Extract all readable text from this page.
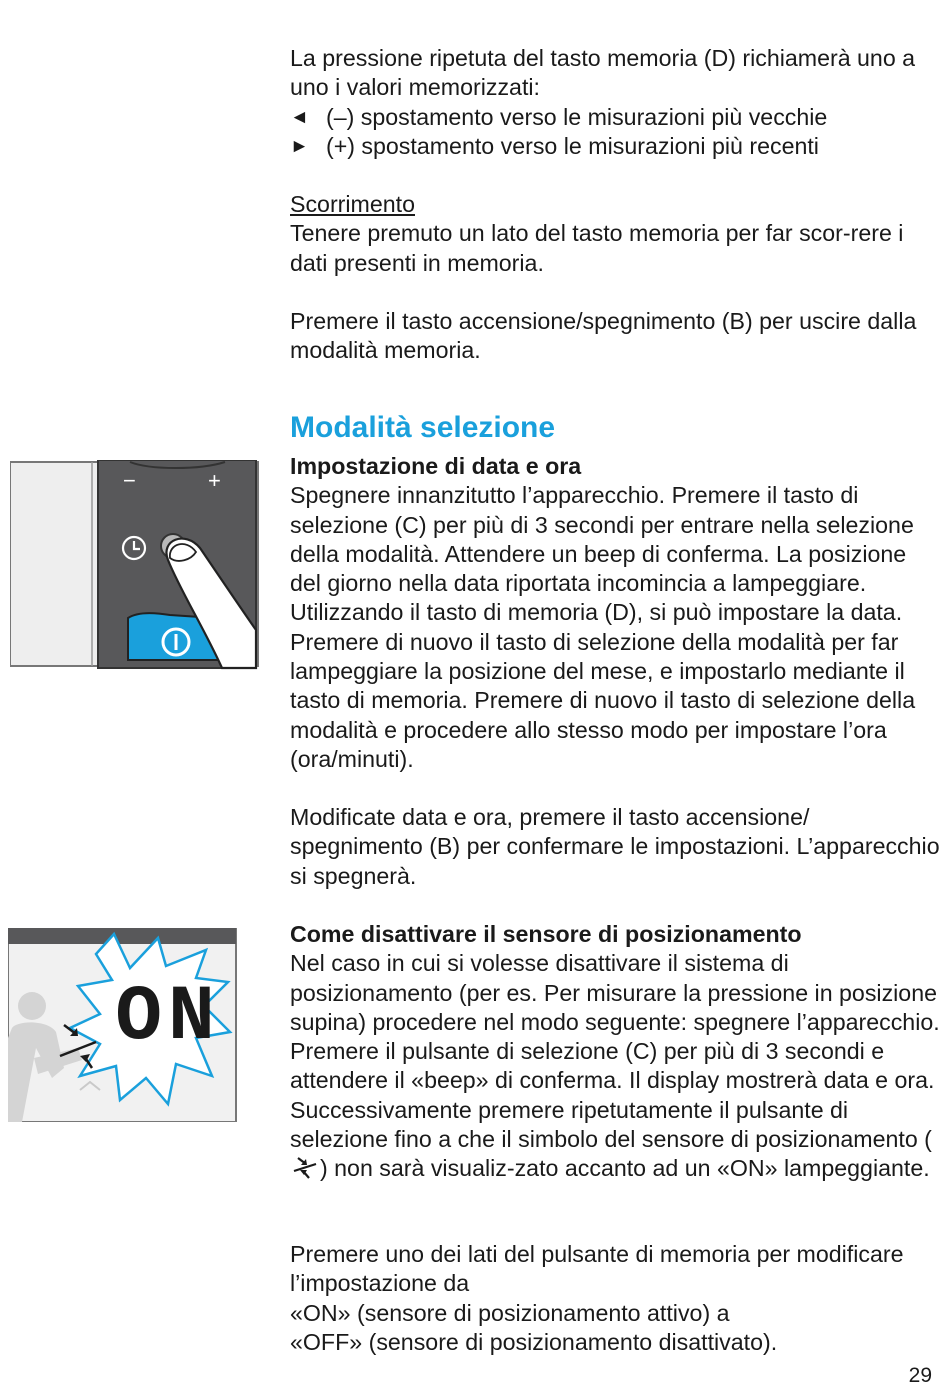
La pressione ripetuta del tasto memoria (D) richiamerà uno a uno i valori memorizzati:

◄ (–) spostamento verso le misurazioni più vecchie
► (+) spostamento verso le misurazioni più recenti

Scorrimento

Tenere premuto un lato del tasto memoria per far scor-rere i dati presenti in memoria.

Premere il tasto accensione/spegnimento (B) per uscire dalla modalità memoria.

Modalità selezione

Impostazione di data e ora

Spegnere innanzitutto l’apparecchio. Premere il tasto di selezione (C) per più di 3 secondi per entrare nella selezione della modalità. Attendere un beep di conferma. La posizione del giorno nella data riportata incomincia a lampeggiare. Utilizzando il tasto di memoria (D), si può impostare la data. Premere di nuovo il tasto di selezione della modalità per far lampeggiare la posizione del mese, e impostarlo mediante il tasto di memoria. Premere di nuovo il tasto di selezione della modalità e procedere allo stesso modo per impostare l’ora (ora/minuti).

Modificate data e ora, premere il tasto accensione/ spegnimento (B) per confermare le impostazioni. L’apparecchio si spegnerà.

Come disattivare il sensore di posizionamento

Nel caso in cui si volesse disattivare il sistema di posizionamento (per es. Per misurare la pressione in posizione supina) procedere nel modo seguente: spegnere l’apparecchio. Premere il pulsante di selezione (C) per più di 3 secondi e attendere il «beep» di conferma. Il display mostrerà data e ora. Successivamente premere ripetutamente il pulsante di selezione fino a che il simbolo del sensore di posizionamento () non sarà visualiz-zato accanto ad un «ON» lampeggiante.

Premere uno dei lati del pulsante di memoria per modificare l’impostazione da

«ON» (sensore di posizionamento attivo) a

«OFF» (sensore di posizionamento disattivato).

−	+
ON
29
